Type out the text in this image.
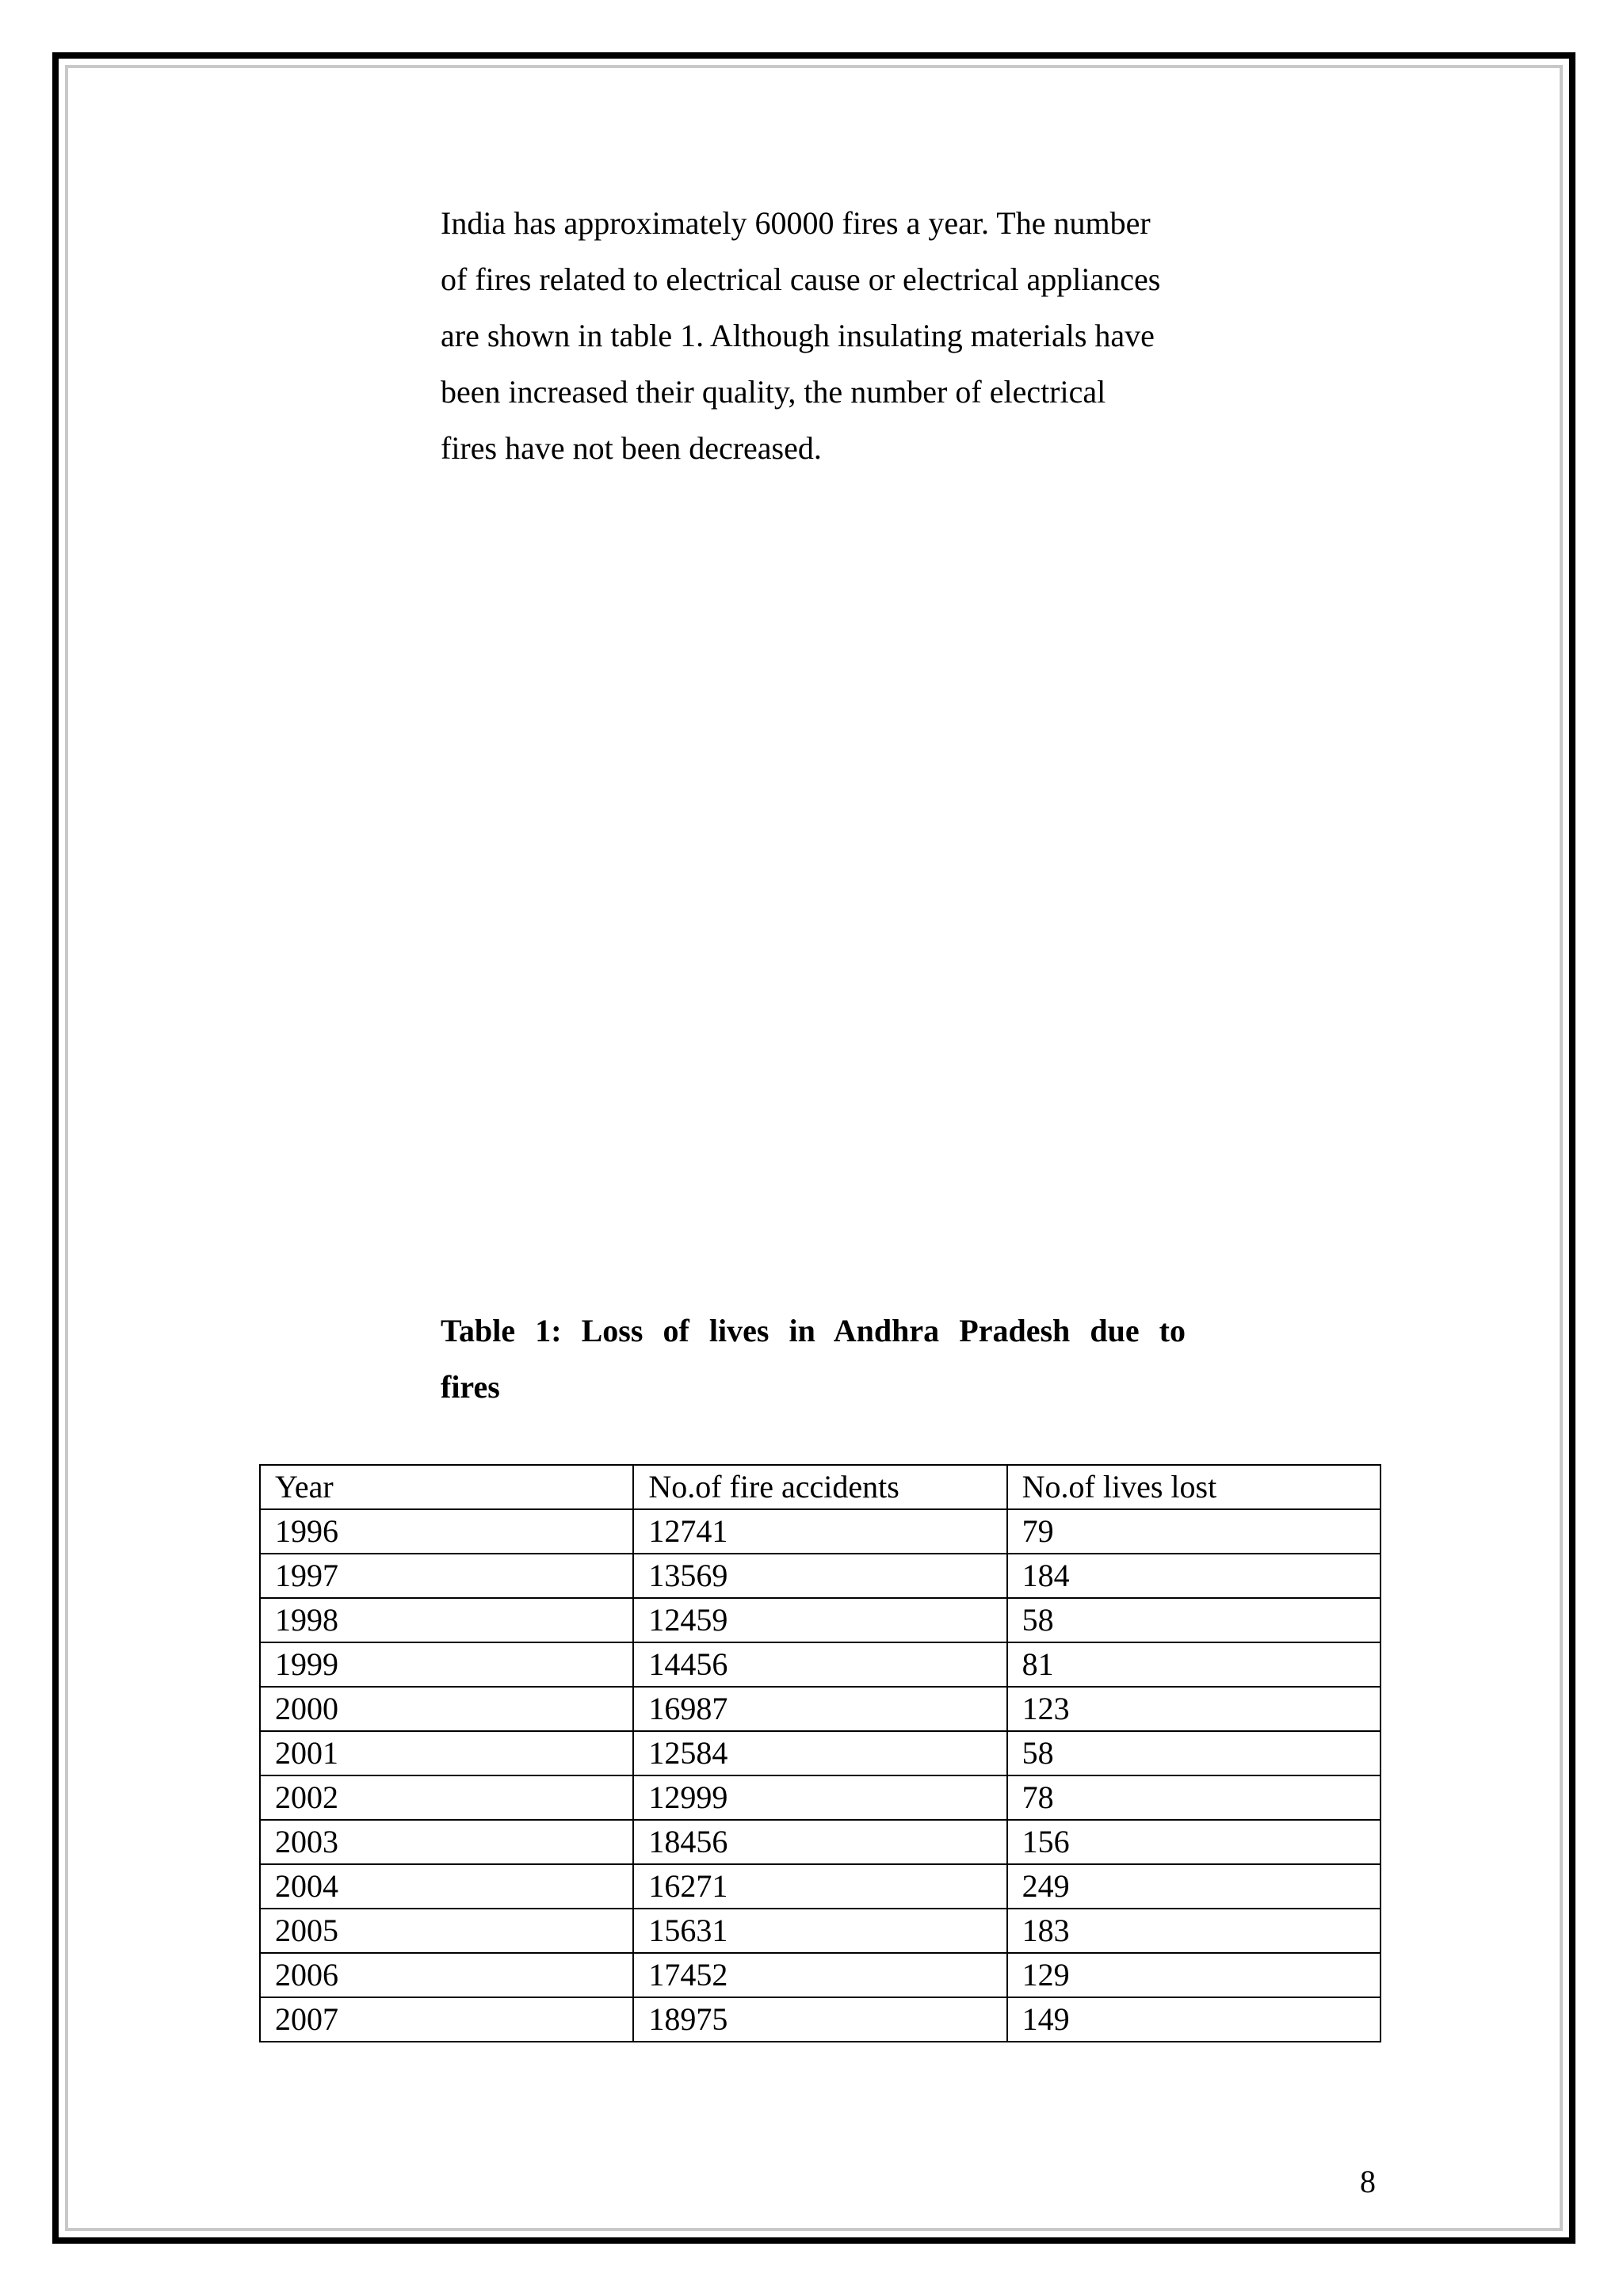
India has approximately 60000 fires a year. The number
of fires related to electrical cause or electrical appliances
are shown in table 1. Although insulating materials have
been increased their quality, the number of electrical
fires have not been decreased.
Table 1: Loss of lives in Andhra Pradesh due to
fires
Year	No.of fire accidents	No.of lives lost
1996	12741	79
1997	13569	184
1998	12459	58
1999	14456	81
2000	16987	123
2001	12584	58
2002	12999	78
2003	18456	156
2004	16271	249
2005	15631	183
2006	17452	129
2007	18975	149
8
